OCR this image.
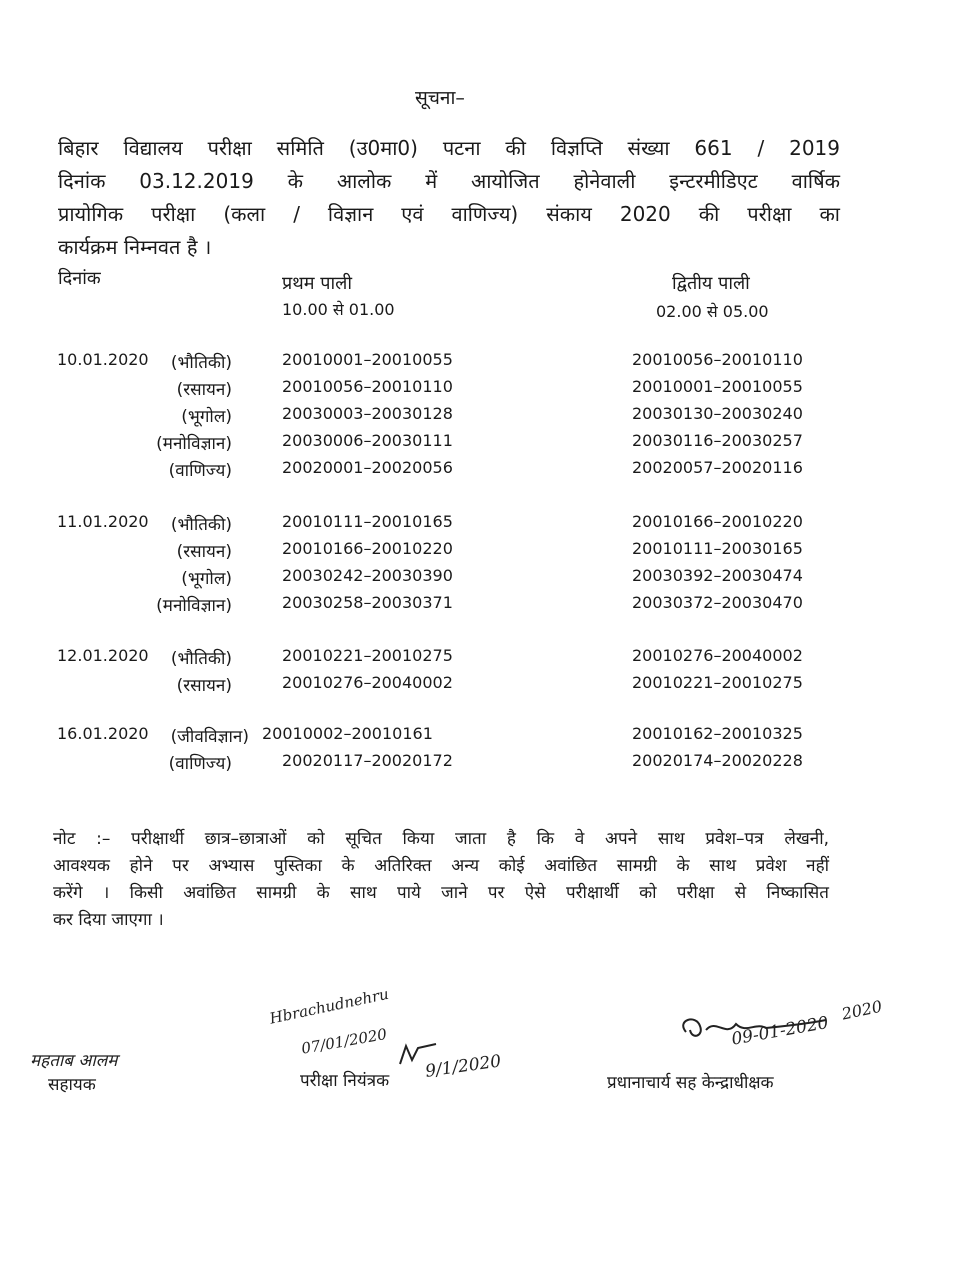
सूचना–
बिहार विद्यालय परीक्षा समिति (उ0मा0) पटना की विज्ञप्ति संख्या 661 / 2019
दिनांक 03.12.2019 के आलोक में आयोजित होनेवाली इन्टरमीडिएट वार्षिक
प्रायोगिक परीक्षा (कला / विज्ञान एवं वाणिज्य) संकाय 2020 की परीक्षा का
कार्यक्रम निम्नवत है ।
दिनांक	प्रथम पाली
10.00 से 01.00
द्वितीय पाली
02.00 से 05.00
10.01.2020 (भौतिकी)	20010001–20010055	20010056–20010110
(रसायन)	20010056–20010110	20010001–20010055
(भूगोल)	20030003–20030128	20030130–20030240
(मनोविज्ञान)	20030006–20030111	20030116–20030257
(वाणिज्य)	20020001–20020056	20020057–20020116
11.01.2020 (भौतिकी)	20010111–20010165	20010166–20010220
(रसायन)	20010166–20010220	20010111–20030165
(भूगोल)	20030242–20030390	20030392–20030474
(मनोविज्ञान)	20030258–20030371	20030372–20030470
12.01.2020 (भौतिकी)	20010221–20010275	20010276–20040002
(रसायन)	20010276–20040002	20010221–20010275
16.01.2020 (जीवविज्ञान) 20010002–20010161	20010162–20010325
(वाणिज्य)	20020117–20020172	20020174–20020228
नोट :– परीक्षार्थी छात्र–छात्राओं को सूचित किया जाता है कि वे अपने साथ प्रवेश–पत्र लेखनी,
आवश्यक होने पर अभ्यास पुस्तिका के अतिरिक्त अन्य कोई अवांछित सामग्री के साथ प्रवेश नहीं
करेंगे । किसी अवांछित सामग्री के साथ पाये जाने पर ऐसे परीक्षार्थी को परीक्षा से निष्कासित
कर दिया जाएगा ।
महताब आलम
सहायक
Hbrachudnehru
07/01/2020
परीक्षा नियंत्रक 9/1/2020
09-01-2020
2020
प्रधानाचार्य सह केन्द्राधीक्षक
